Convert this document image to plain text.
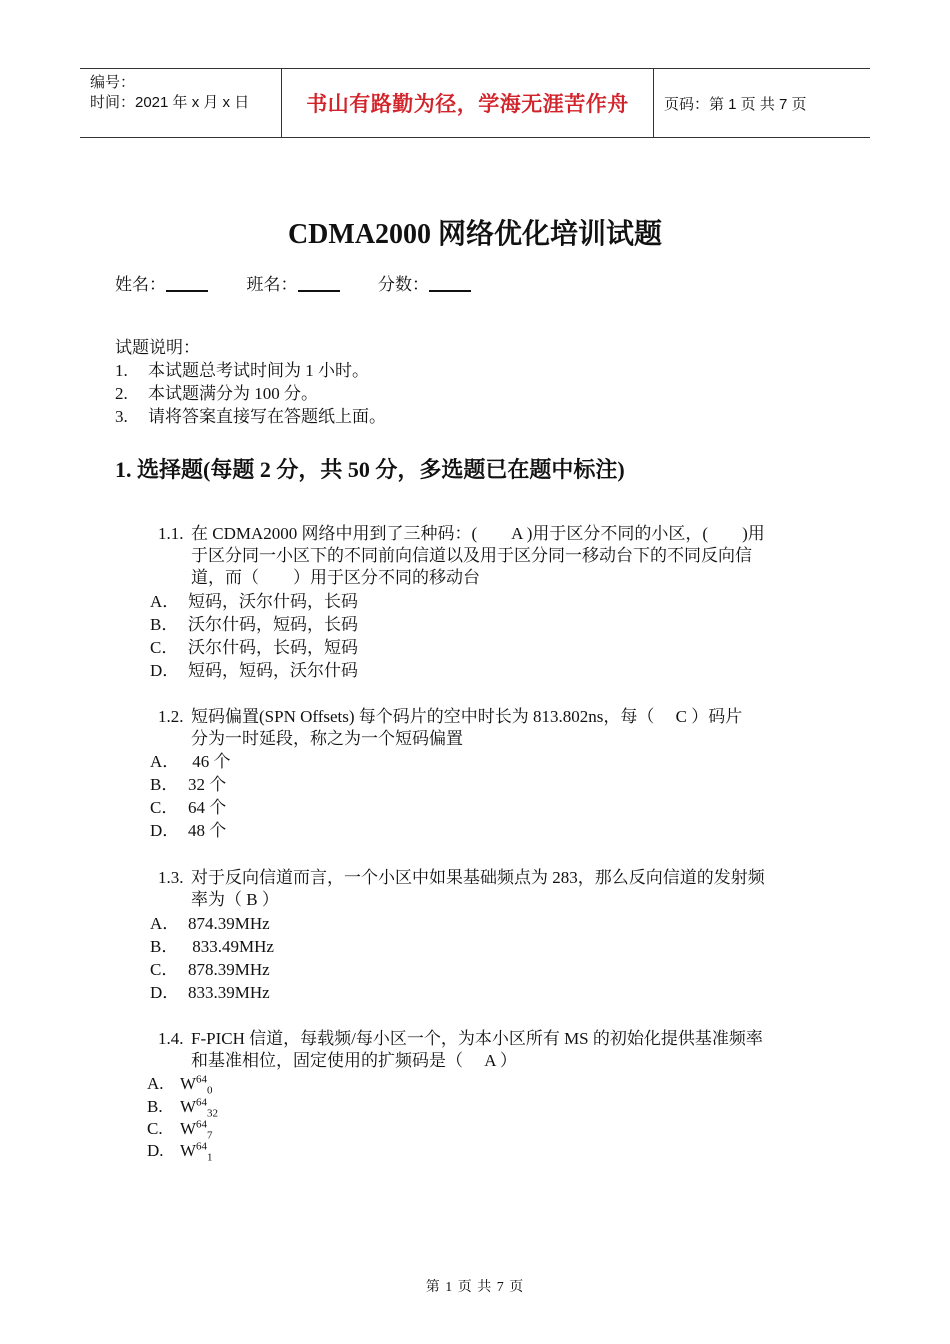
编号：
时间：2021 年 x 月 x 日	书山有路勤为径，学海无涯苦作舟 页码：第 1 页 共 7 页
CDMA2000 网络优化培训试题
姓名：	班名：	分数：
试题说明：
1. 本试题总考试时间为 1 小时。
2. 本试题满分为 100 分。
3. 请将答案直接写在答题纸上面。
1. 选择题(每题 2 分，共 50 分，多选题已在题中标注)
1.1. 在 CDMA2000 网络中用到了三种码：(　　A )用于区分不同的小区，(　　)用
于区分同一小区下的不同前向信道以及用于区分同一移动台下的不同反向信
道，而（　　）用于区分不同的移动台
A． 短码，沃尔什码，长码
B． 沃尔什码，短码，长码
C． 沃尔什码，长码，短码
D． 短码，短码，沃尔什码
1.2. 短码偏置(SPN Offsets) 每个码片的空中时长为 813.802ns，每（　 C ）码片
分为一时延段，称之为一个短码偏置
A． 46 个
B． 32 个
C． 64 个
D． 48 个
1.3. 对于反向信道而言，一个小区中如果基础频点为 283，那么反向信道的发射频
率为（ B ）
A． 874.39MHz
B． 833.49MHz
C． 878.39MHz
D． 833.39MHz
1.4. F-PICH 信道，每载频/每小区一个，为本小区所有 MS 的初始化提供基准频率
和基准相位，固定使用的扩频码是（　 A ）
A. $W^{64}_0$
B. $W^{64}_{32}$
C. $W^{64}_7$
D. $W^{64}_1$
第 1 页 共 7 页
